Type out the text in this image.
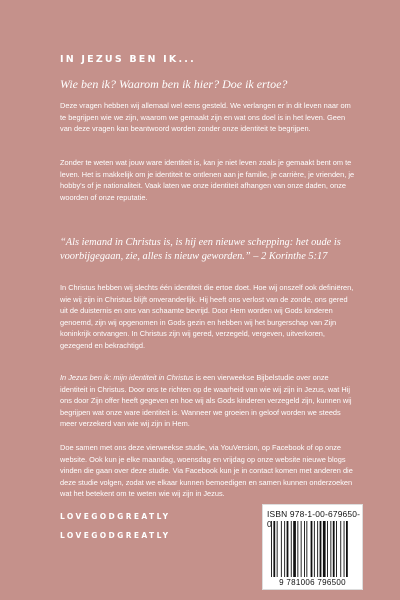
IN JEZUS BEN IK...
Wie ben ik? Waarom ben ik hier? Doe ik ertoe?

Deze vragen hebben wij allemaal wel eens gesteld. We verlangen er in dit leven naar om te begrijpen wie we zijn, waarom we gemaakt zijn en wat ons doel is in het leven. Geen van deze vragen kan beantwoord worden zonder onze identiteit te begrijpen.

Zonder te weten wat jouw ware identiteit is, kan je niet leven zoals je gemaakt bent om te leven. Het is makkelijk om je identiteit te ontlenen aan je familie, je carrière, je vrienden, je hobby's of je nationaliteit. Vaak laten we onze identiteit afhangen van onze daden, onze woorden of onze reputatie.

“Als iemand in Christus is, is hij een nieuwe schepping: het oude is voorbijgegaan, zie, alles is nieuw geworden.” – 2 Korinthe 5:17

In Christus hebben wij slechts één identiteit die ertoe doet. Hoe wij onszelf ook definiëren, wie wij zijn in Christus blijft onveranderlijk. Hij heeft ons verlost van de zonde, ons gered uit de duisternis en ons van schaamte bevrijd. Door Hem worden wij Gods kinderen genoemd, zijn wij opgenomen in Gods gezin en hebben wij het burgerschap van Zijn koninkrijk ontvangen. In Christus zijn wij gered, verzegeld, vergeven, uitverkoren, gezegend en bekrachtigd.

In Jezus ben ik: mijn identiteit in Christus is een vierweekse Bijbelstudie over onze identiteit in Christus. Door ons te richten op de waarheid van wie wij zijn in Jezus, wat Hij ons door Zijn offer heeft gegeven en hoe wij als Gods kinderen verzegeld zijn, kunnen wij begrijpen wat onze ware identiteit is. Wanneer we groeien in geloof worden we steeds meer verzekerd van wie wij zijn in Hem.

Doe samen met ons deze vierweekse studie, via YouVersion, op Facebook of op onze website. Ook kun je elke maandag, woensdag en vrijdag op onze website nieuwe blogs vinden die gaan over deze studie. Via Facebook kun je in contact komen met anderen die deze studie volgen, zodat we elkaar kunnen bemoedigen en samen kunnen onderzoeken wat het betekent om te weten wie wij zijn in Jezus.

LOVEGODGREATLY
LOVEGODGREATLY
ISBN 978-1-00-679650-0
9 781006 796500
